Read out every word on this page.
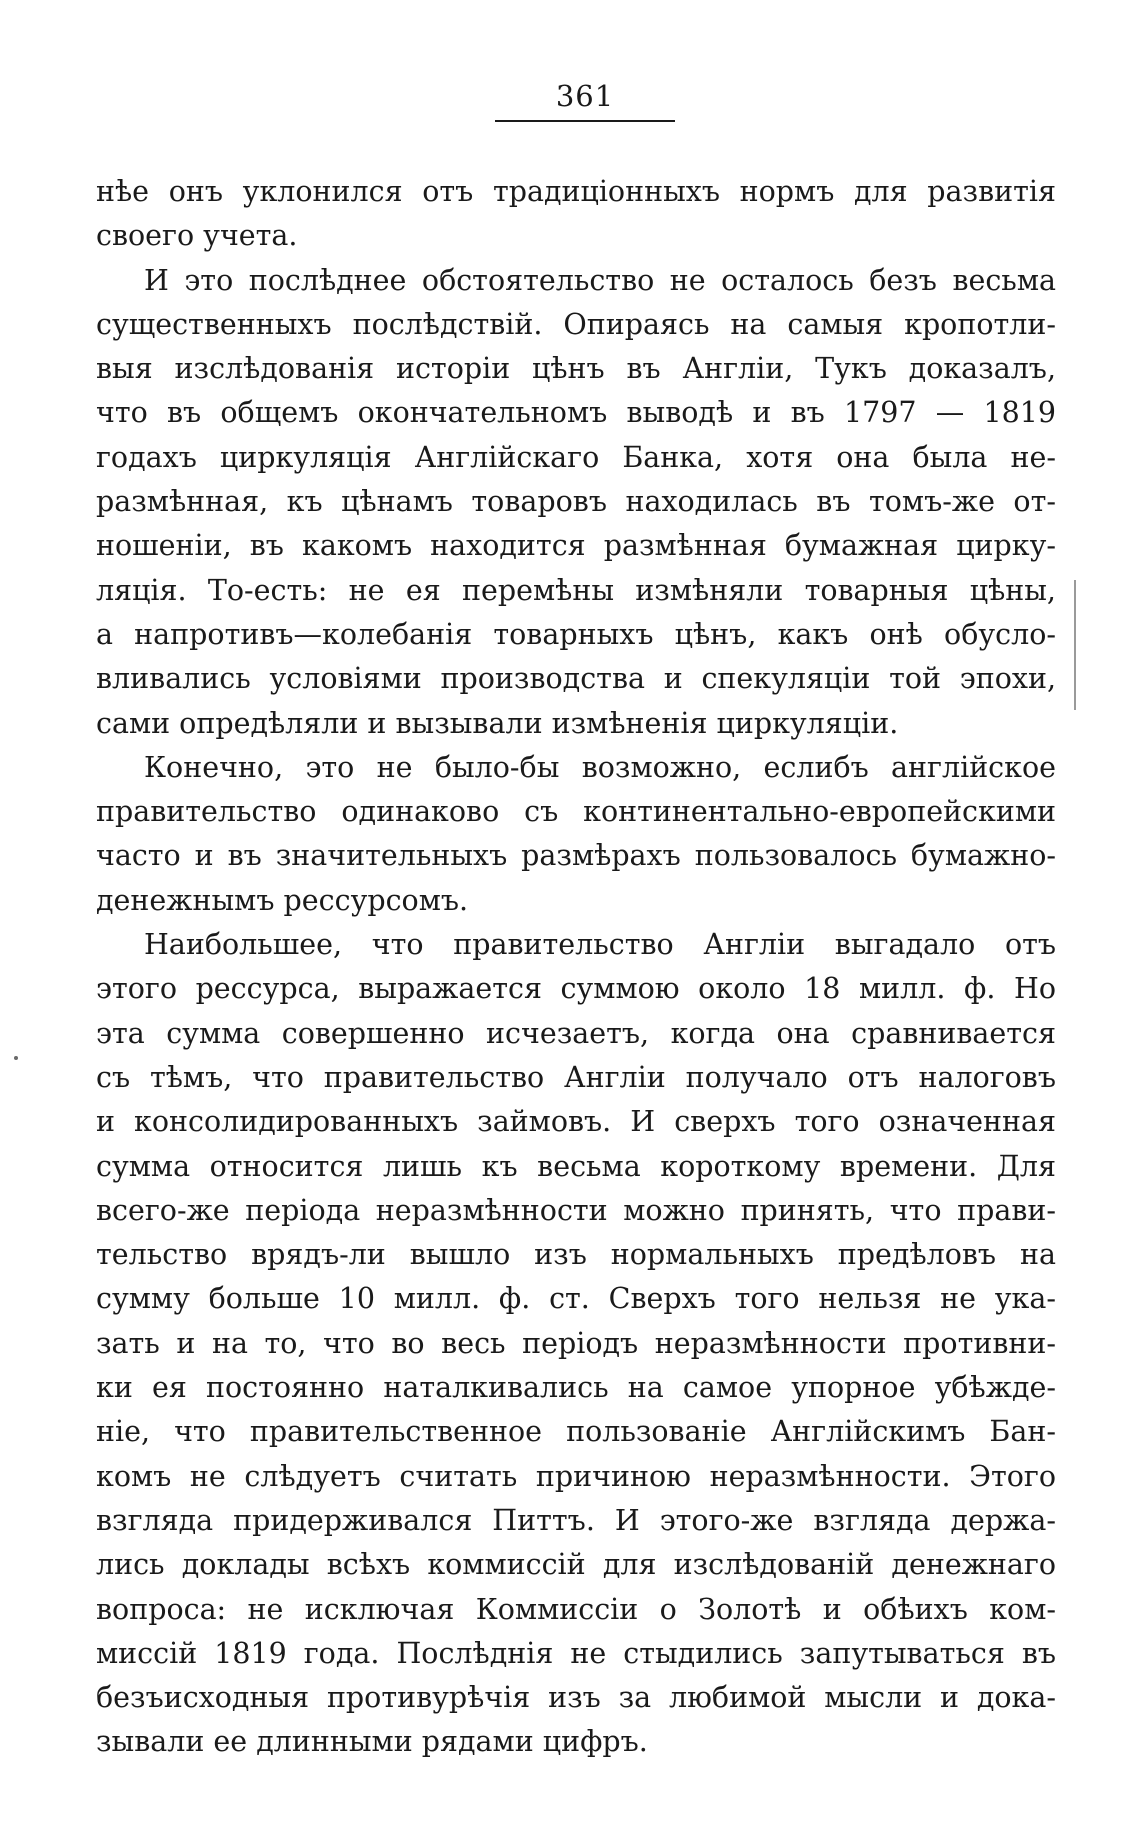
361
нѣе онъ уклонился отъ традиціонныхъ нормъ для развитія
своего учета.
И это послѣднее обстоятельство не осталось безъ весьма
существенныхъ послѣдствій. Опираясь на самыя кропотли-
выя изслѣдованія исторіи цѣнъ въ Англіи, Тукъ доказалъ,
что въ общемъ окончательномъ выводѣ и въ 1797 — 1819
годахъ циркуляція Англійскаго Банка, хотя она была не-
размѣнная, къ цѣнамъ товаровъ находилась въ томъ-же от-
ношеніи, въ какомъ находится размѣнная бумажная цирку-
ляція. То-есть: не ея перемѣны измѣняли товарныя цѣны,
а напротивъ—колебанія товарныхъ цѣнъ, какъ онѣ обусло-
вливались условіями производства и спекуляціи той эпохи,
сами опредѣляли и вызывали измѣненія циркуляціи.
Конечно, это не было-бы возможно, еслибъ англійское
правительство одинаково съ континентально-европейскими
часто и въ значительныхъ размѣрахъ пользовалось бумажно-
денежнымъ рессурсомъ.
Наибольшее, что правительство Англіи выгадало отъ
этого рессурса, выражается суммою около 18 милл. ф. Но
эта сумма совершенно исчезаетъ, когда она сравнивается
съ тѣмъ, что правительство Англіи получало отъ налоговъ
и консолидированныхъ займовъ. И сверхъ того означенная
сумма относится лишь къ весьма короткому времени. Для
всего-же періода неразмѣнности можно принять, что прави-
тельство врядъ-ли вышло изъ нормальныхъ предѣловъ на
сумму больше 10 милл. ф. ст. Сверхъ того нельзя не ука-
зать и на то, что во весь періодъ неразмѣнности противни-
ки ея постоянно наталкивались на самое упорное убѣжде-
ніе, что правительственное пользованіе Англійскимъ Бан-
комъ не слѣдуетъ считать причиною неразмѣнности. Этого
взгляда придерживался Питтъ. И этого-же взгляда держа-
лись доклады всѣхъ коммиссій для изслѣдованій денежнаго
вопроса: не исключая Коммиссіи о Золотѣ и обѣихъ ком-
миссій 1819 года. Послѣднія не стыдились запутываться въ
безъисходныя противурѣчія изъ за любимой мысли и дока-
зывали ее длинными рядами цифръ.
